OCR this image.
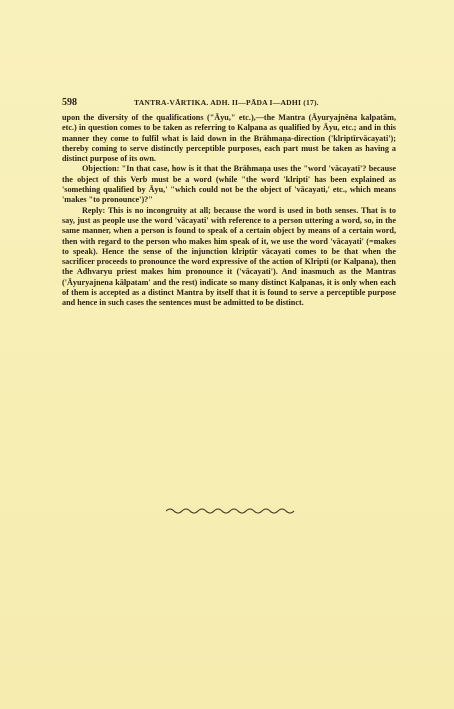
598	TANTRA-VĀRTIKA. ADH. II—PĀDA I—ADHI (17).

upon the diversity of the qualifications ("Āyu," etc.),—the Mantra (Āyuryajnēna kalpatām, etc.) in question comes to be taken as referring to Kalpana as qualified by Āyu, etc.; and in this manner they come to fulfil what is laid down in the Brāhmaṇa-direction ('klriptīrvācayati'); thereby coming to serve distinctly perceptible purposes, each part must be taken as having a distinct purpose of its own.

Objection: "In that case, how is it that the Brāhmaṇa uses the "word 'vācayati'? because the object of this Verb must be a word (while "the word 'klripti' has been explained as 'something qualified by Āyu,' "which could not be the object of 'vācayati,' etc., which means 'makes "to pronounce')?"

Reply: This is no incongruity at all; because the word is used in both senses. That is to say, just as people use the word 'vācayati' with reference to a person uttering a word, so, in the same manner, when a person is found to speak of a certain object by means of a certain word, then with regard to the person who makes him speak of it, we use the word 'vācayati' (=makes to speak). Hence the sense of the injunction klriptīr vācayati comes to be that when the sacrificer proceeds to pronounce the word expressive of the action of Klripti (or Kalpana), then the Adhvaryu priest makes him pronounce it ('vācayati'). And inasmuch as the Mantras ('Āyuryajnena kālpatam' and the rest) indicate so many distinct Kalpanas, it is only when each of them is accepted as a distinct Mantra by itself that it is found to serve a perceptible purpose and hence in such cases the sentences must be admitted to be distinct.
